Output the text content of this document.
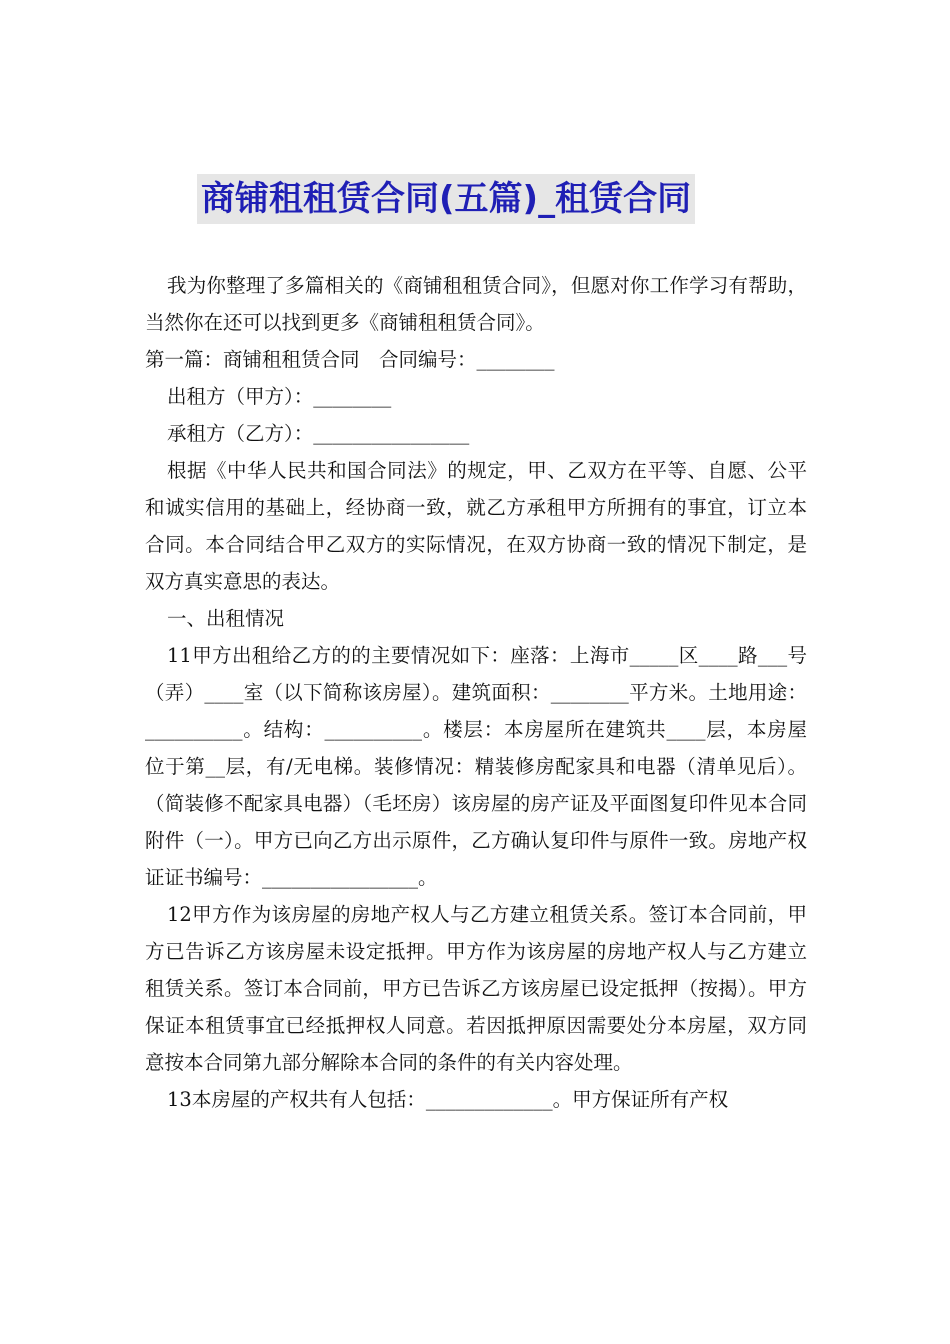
商铺租租赁合同(五篇)_租赁合同

我为你整理了多篇相关的《商铺租租赁合同》，但愿对你工作学习有帮助，当然你在还可以找到更多《商铺租租赁合同》。

第一篇：商铺租租赁合同　合同编号：________

出租方（甲方）：________

承租方（乙方）：________________

根据《中华人民共和国合同法》的规定，甲、乙双方在平等、自愿、公平和诚实信用的基础上，经协商一致，就乙方承租甲方所拥有的事宜，订立本合同。本合同结合甲乙双方的实际情况，在双方协商一致的情况下制定，是双方真实意思的表达。

一、出租情况

11甲方出租给乙方的的主要情况如下：座落：上海市_____区____路___号（弄）____室（以下简称该房屋）。建筑面积：________平方米。土地用途：__________。结构：__________。楼层：本房屋所在建筑共____层，本房屋位于第__层，有/无电梯。装修情况：精装修房配家具和电器（清单见后）。（简装修不配家具电器）（毛坯房）该房屋的房产证及平面图复印件见本合同附件（一）。甲方已向乙方出示原件，乙方确认复印件与原件一致。房地产权证证书编号：________________。

12甲方作为该房屋的房地产权人与乙方建立租赁关系。签订本合同前，甲方已告诉乙方该房屋未设定抵押。甲方作为该房屋的房地产权人与乙方建立租赁关系。签订本合同前，甲方已告诉乙方该房屋已设定抵押（按揭）。甲方保证本租赁事宜已经抵押权人同意。若因抵押原因需要处分本房屋，双方同意按本合同第九部分解除本合同的条件的有关内容处理。

13本房屋的产权共有人包括：_____________。甲方保证所有产权
